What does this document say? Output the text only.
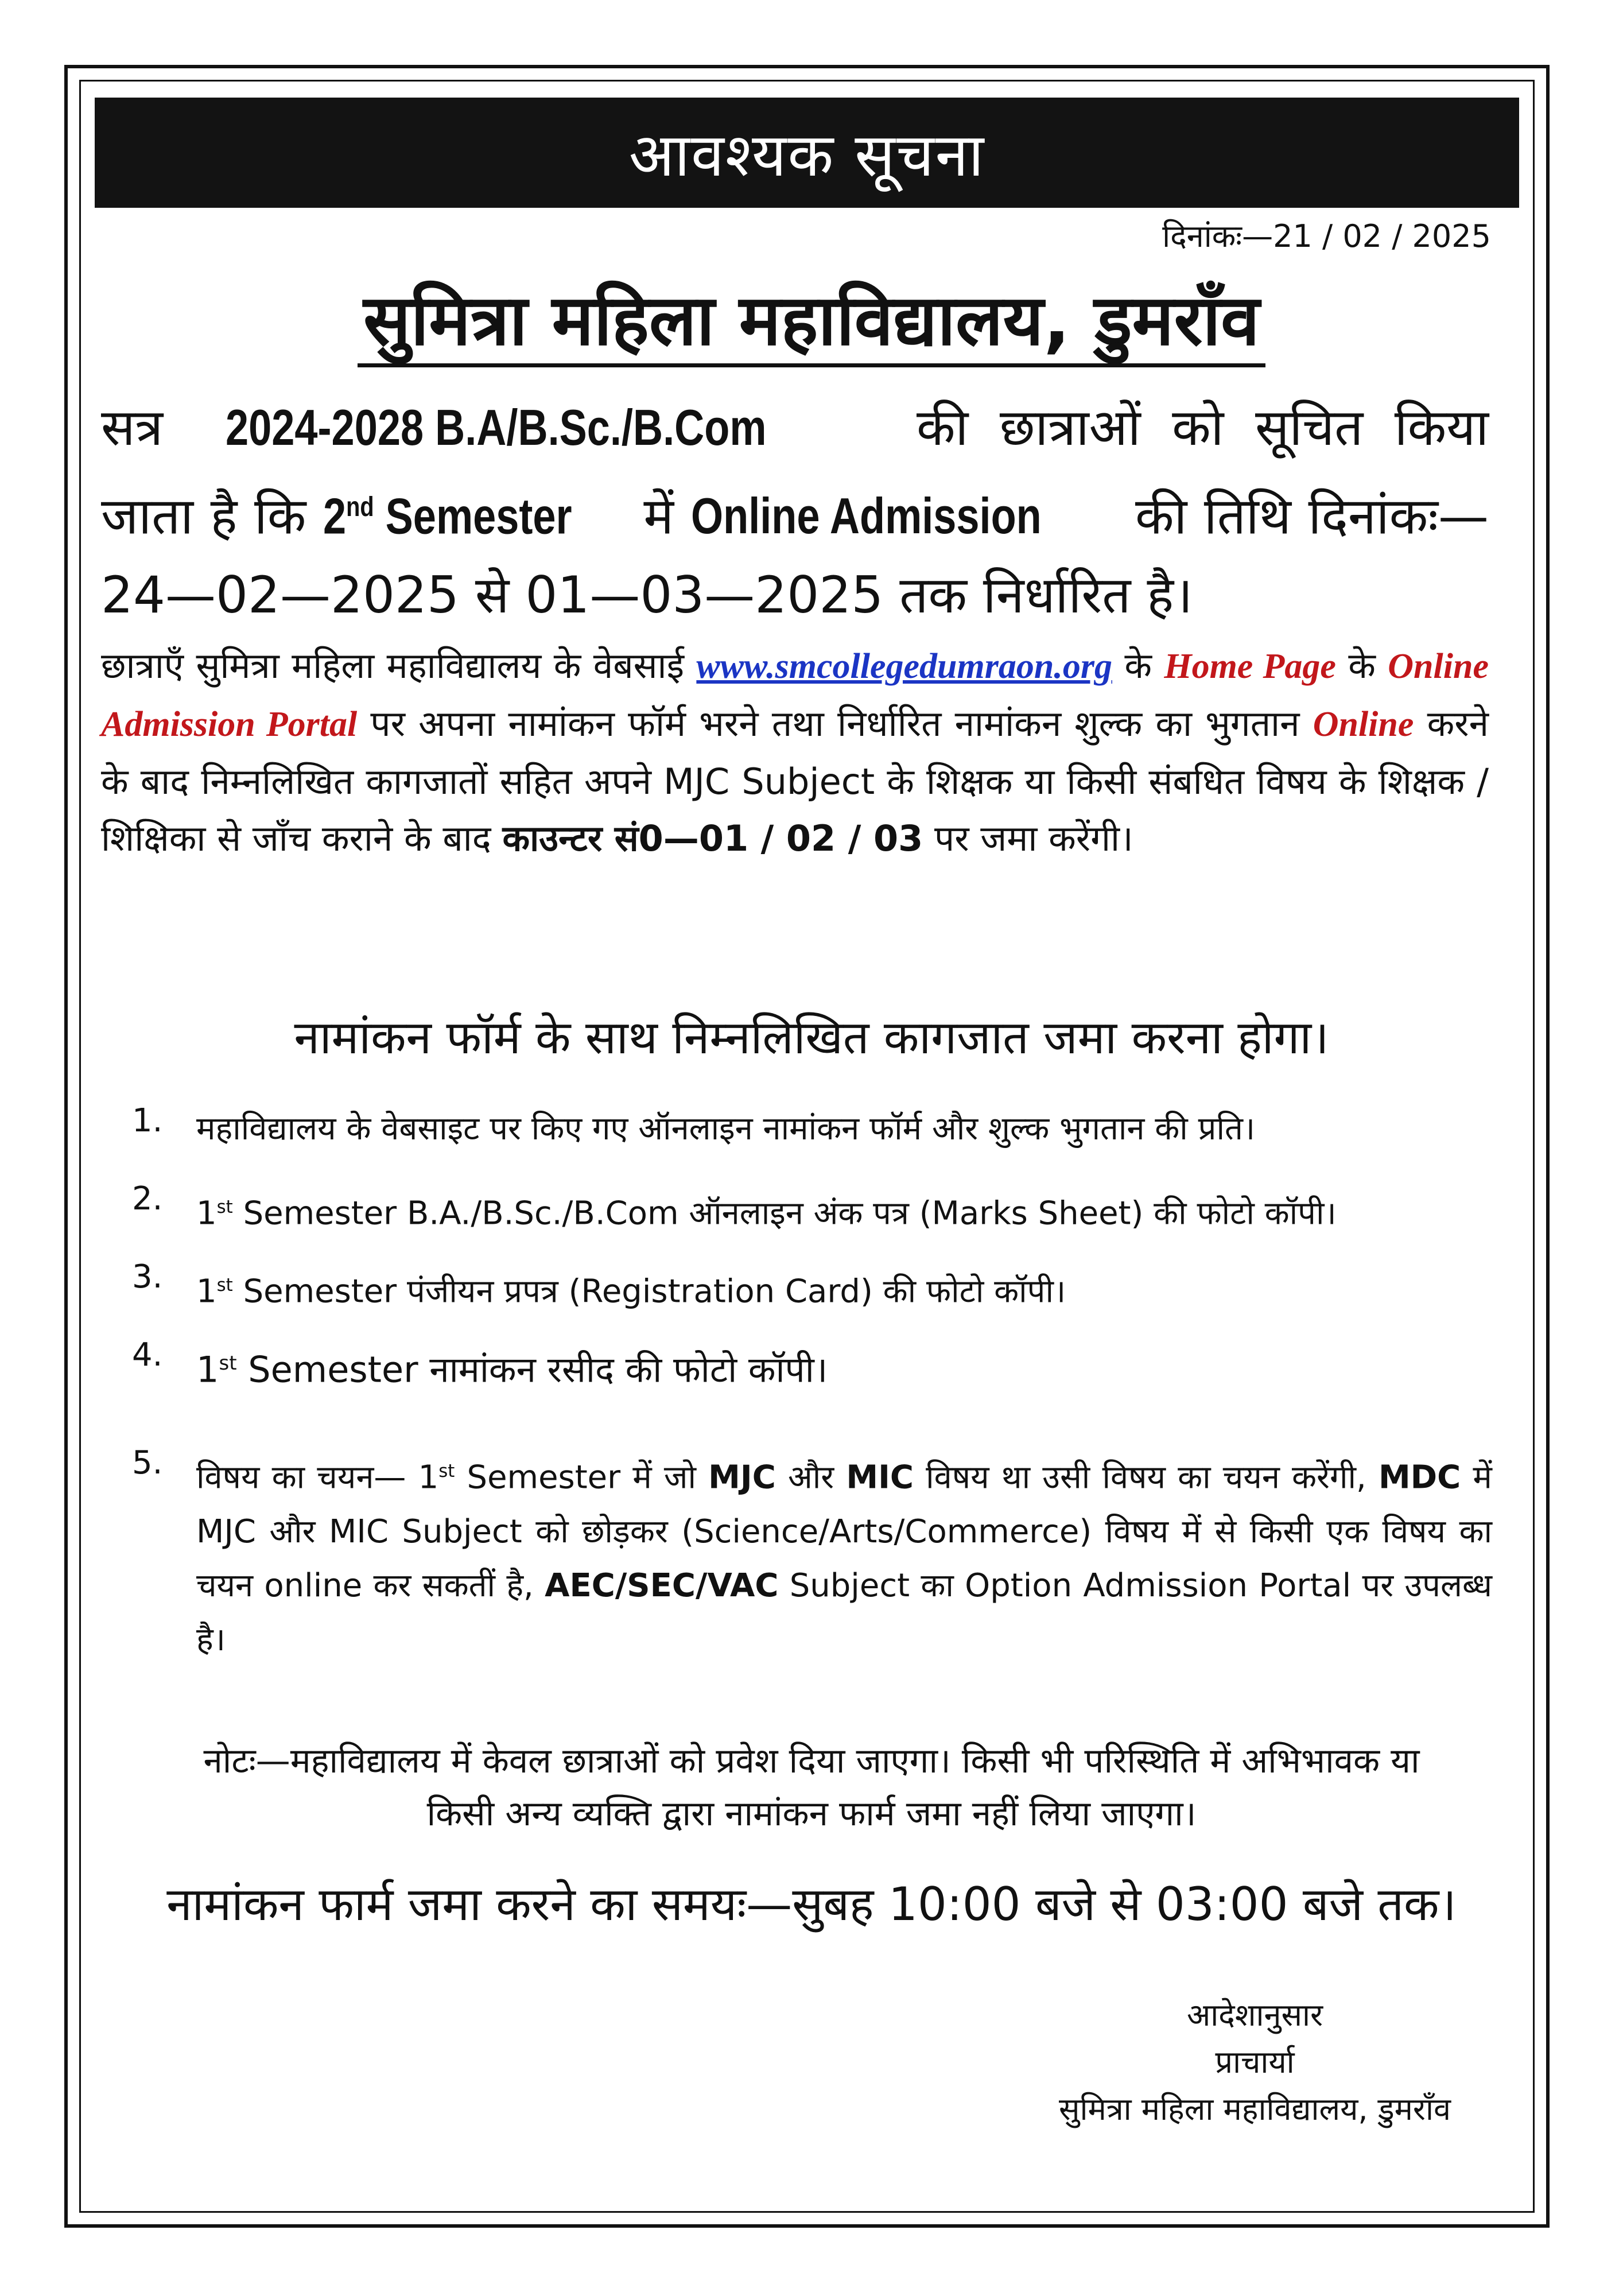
आवश्यक सूचना
दिनांकः—21 / 02 / 2025
सुमित्रा महिला महाविद्यालय, डुमराँव
सत्र 2024-2028 B.A/B.Sc./B.Com	की छात्राओं को सूचित किया जाता है कि 2nd Semester में Online Admission की तिथि दिनांकः—24—02—2025 से 01—03—2025 तक निर्धारित है।
छात्राएँ सुमित्रा महिला महाविद्यालय के वेबसाई www.smcollegedumraon.org के Home Page के Online Admission Portal पर अपना नामांकन फॉर्म भरने तथा निर्धारित नामांकन शुल्क का भुगतान Online करने के बाद निम्नलिखित कागजातों सहित अपने MJC Subject के शिक्षक या किसी संबधित विषय के शिक्षक / शिक्षिका से जाँच कराने के बाद काउन्टर सं0—01 / 02 / 03 पर जमा करेंगी।
नामांकन फॉर्म के साथ निम्नलिखित कागजात जमा करना होगा।
1.	महाविद्यालय के वेबसाइट पर किए गए ऑनलाइन नामांकन फॉर्म और शुल्क भुगतान की प्रति।
2.	1st Semester B.A./B.Sc./B.Com ऑनलाइन अंक पत्र (Marks Sheet) की फोटो कॉपी।
3.	1st Semester पंजीयन प्रपत्र (Registration Card) की फोटो कॉपी।
4. 1st Semester नामांकन रसीद की फोटो कॉपी।
5.	विषय का चयन— 1st Semester में जो MJC और MIC विषय था उसी विषय का चयन करेंगी, MDC में MJC और MIC Subject को छोड़कर (Science/Arts/Commerce) विषय में से किसी एक विषय का चयन online कर सकतीं है, AEC/SEC/VAC Subject का Option Admission Portal पर उपलब्ध है।
नोटः—महाविद्यालय में केवल छात्राओं को प्रवेश दिया जाएगा। किसी भी परिस्थिति में अभिभावक या
किसी अन्य व्यक्ति द्वारा नामांकन फार्म जमा नहीं लिया जाएगा।
नामांकन फार्म जमा करने का समयः—सुबह 10:00 बजे से 03:00 बजे तक।
आदेशानुसार
प्राचार्या
सुमित्रा महिला महाविद्यालय, डुमराँव
